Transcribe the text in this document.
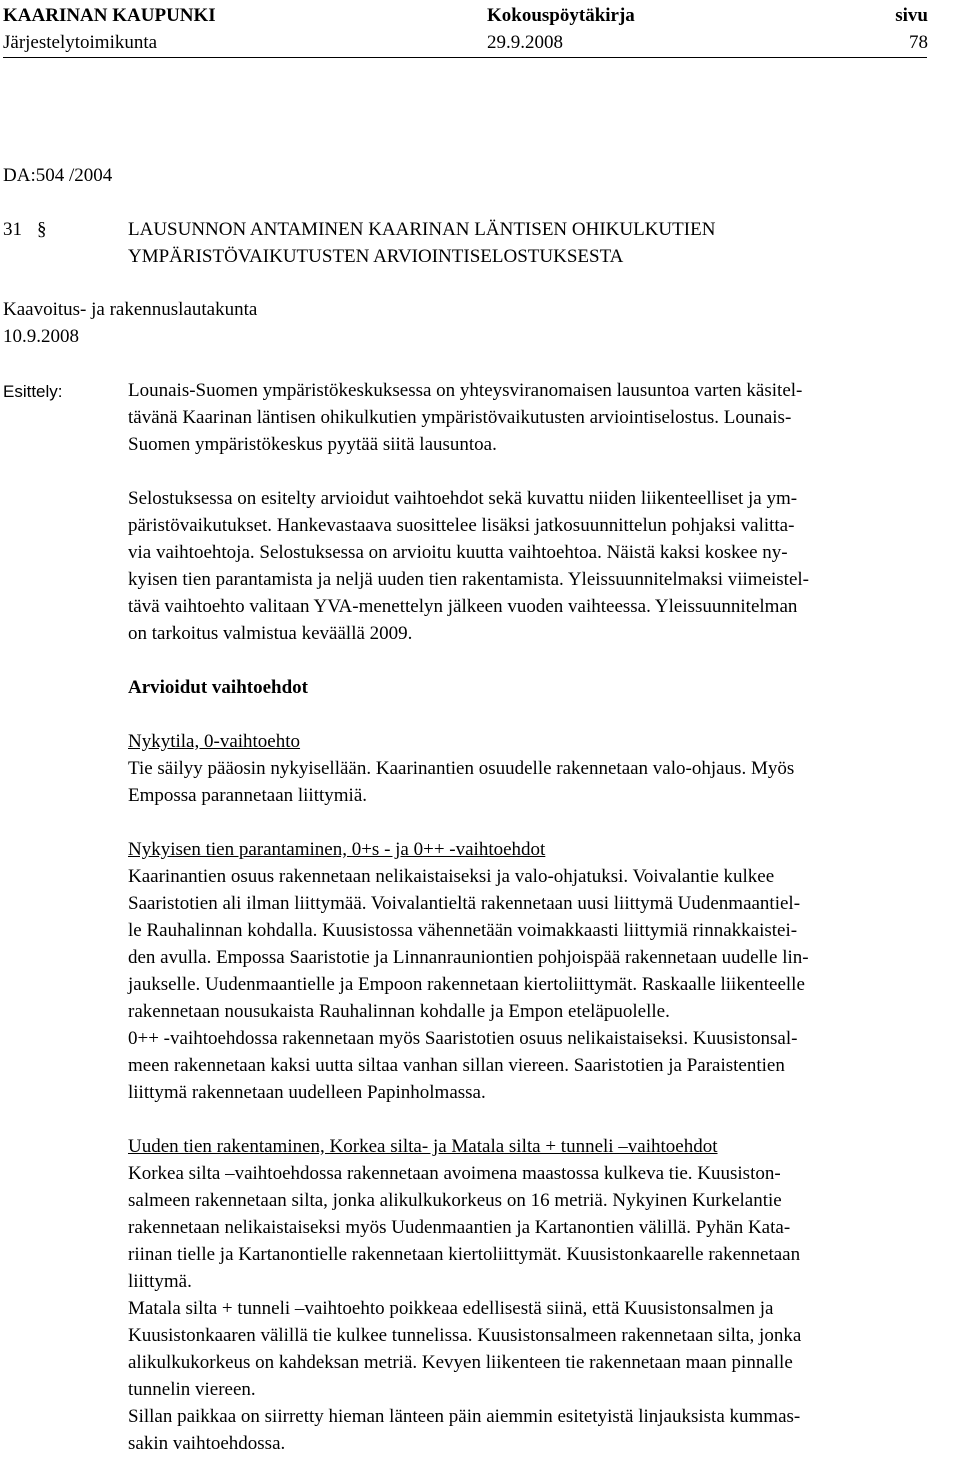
KAARINAN KAUPUNKI	Kokouspöytäkirja	sivu
Järjestelytoimikunta	29.9.2008	78
DA:504 /2004
31 §	LAUSUNNON ANTAMINEN KAARINAN LÄNTISEN OHIKULKUTIEN
YMPÄRISTÖVAIKUTUSTEN ARVIOINTISELOSTUKSESTA
Kaavoitus- ja rakennuslautakunta
10.9.2008
Esittely:	Lounais-Suomen ympäristökeskuksessa on yhteysviranomaisen lausuntoa varten käsitel-
tävänä Kaarinan läntisen ohikulkutien ympäristövaikutusten arviointiselostus. Lounais-
Suomen ympäristökeskus pyytää siitä lausuntoa.

Selostuksessa on esitelty arvioidut vaihtoehdot sekä kuvattu niiden liikenteelliset ja ym-
päristövaikutukset. Hankevastaava suosittelee lisäksi jatkosuunnittelun pohjaksi valitta-
via vaihtoehtoja. Selostuksessa on arvioitu kuutta vaihtoehtoa. Näistä kaksi koskee ny-
kyisen tien parantamista ja neljä uuden tien rakentamista. Yleissuunnitelmaksi viimeistel-
tävä vaihtoehto valitaan YVA-menettelyn jälkeen vuoden vaihteessa. Yleissuunnitelman
on tarkoitus valmistua keväällä 2009.

Arvioidut vaihtoehdot

Nykytila, 0-vaihtoehto
Tie säilyy pääosin nykyisellään. Kaarinantien osuudelle rakennetaan valo-ohjaus. Myös
Empossa parannetaan liittymiä.

Nykyisen tien parantaminen, 0+s - ja 0++ -vaihtoehdot
Kaarinantien osuus rakennetaan nelikaistaiseksi ja valo-ohjatuksi. Voivalantie kulkee
Saaristotien ali ilman liittymää. Voivalantieltä rakennetaan uusi liittymä Uudenmaantiel-
le Rauhalinnan kohdalla. Kuusistossa vähennetään voimakkaasti liittymiä rinnakkaistei-
den avulla. Empossa Saaristotie ja Linnanrauniontien pohjoispää rakennetaan uudelle lin-
jaukselle. Uudenmaantielle ja Empoon rakennetaan kiertoliittymät. Raskaalle liikenteelle
rakennetaan nousukaista Rauhalinnan kohdalle ja Empon eteläpuolelle.
0++ -vaihtoehdossa rakennetaan myös Saaristotien osuus nelikaistaiseksi. Kuusistonsal-
meen rakennetaan kaksi uutta siltaa vanhan sillan viereen. Saaristotien ja Paraistentien
liittymä rakennetaan uudelleen Papinholmassa.

Uuden tien rakentaminen, Korkea silta- ja Matala silta + tunneli –vaihtoehdot
Korkea silta –vaihtoehdossa rakennetaan avoimena maastossa kulkeva tie. Kuusiston-
salmeen rakennetaan silta, jonka alikulkukorkeus on 16 metriä. Nykyinen Kurkelantie
rakennetaan nelikaistaiseksi myös Uudenmaantien ja Kartanontien välillä. Pyhän Kata-
riinan tielle ja Kartanontielle rakennetaan kiertoliittymät. Kuusistonkaarelle rakennetaan
liittymä.
Matala silta + tunneli –vaihtoehto poikkeaa edellisestä siinä, että Kuusistonsalmen ja
Kuusistonkaaren välillä tie kulkee tunnelissa. Kuusistonsalmeen rakennetaan silta, jonka
alikulkukorkeus on kahdeksan metriä. Kevyen liikenteen tie rakennetaan maan pinnalle
tunnelin viereen.
Sillan paikkaa on siirretty hieman länteen päin aiemmin esitetyistä linjauksista kummas-
sakin vaihtoehdossa.
